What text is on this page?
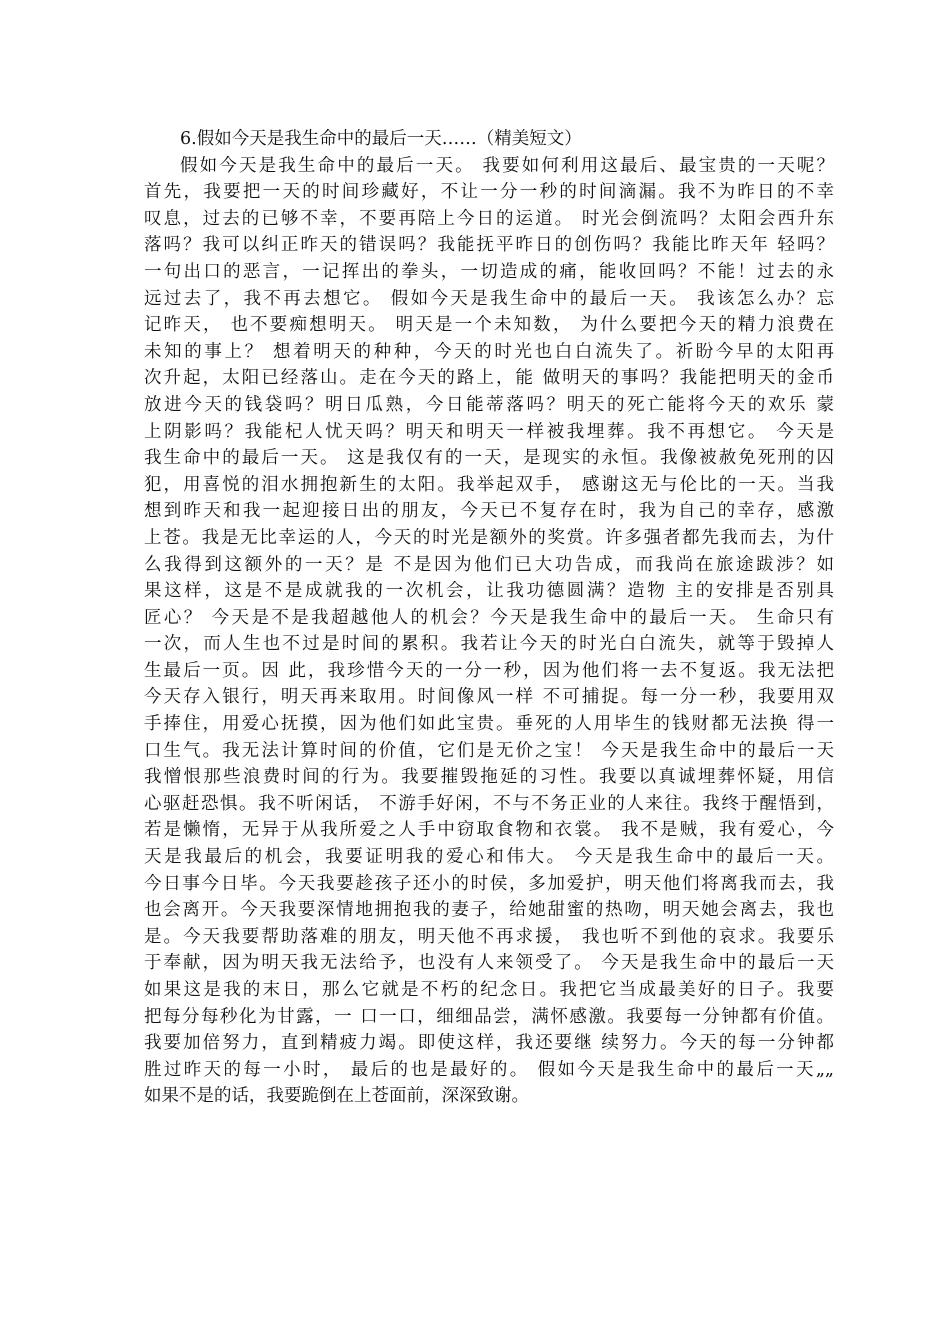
6.假如今天是我生命中的最后一天……（精美短文）
假如今天是我生命中的最后一天。 我要如何利用这最后、最宝贵的一天呢？
首先，我要把一天的时间珍藏好，不让一分一秒的时间滴漏。我不为昨日的不幸
叹息，过去的已够不幸，不要再陪上今日的运道。 时光会倒流吗？太阳会西升东
落吗？我可以纠正昨天的错误吗？我能抚平昨日的创伤吗？我能比昨天年 轻吗？
一句出口的恶言，一记挥出的拳头，一切造成的痛，能收回吗？不能！过去的永
远过去了，我不再去想它。 假如今天是我生命中的最后一天。 我该怎么办？忘
记昨天， 也不要痴想明天。 明天是一个未知数， 为什么要把今天的精力浪费在
未知的事上？ 想着明天的种种，今天的时光也白白流失了。祈盼今早的太阳再
次升起，太阳已经落山。走在今天的路上，能 做明天的事吗？我能把明天的金币
放进今天的钱袋吗？明日瓜熟，今日能蒂落吗？明天的死亡能将今天的欢乐 蒙
上阴影吗？我能杞人忧天吗？明天和明天一样被我埋葬。我不再想它。 今天是
我生命中的最后一天。 这是我仅有的一天，是现实的永恒。我像被赦免死刑的囚
犯，用喜悦的泪水拥抱新生的太阳。我举起双手， 感谢这无与伦比的一天。当我
想到昨天和我一起迎接日出的朋友，今天已不复存在时，我为自己的幸存，感激
上苍。我是无比幸运的人，今天的时光是额外的奖赏。许多强者都先我而去，为什
么我得到这额外的一天？是 不是因为他们已大功告成，而我尚在旅途跋涉？如
果这样，这是不是成就我的一次机会，让我功德圆满？造物 主的安排是否别具
匠心？ 今天是不是我超越他人的机会？今天是我生命中的最后一天。 生命只有
一次，而人生也不过是时间的累积。我若让今天的时光白白流失，就等于毁掉人
生最后一页。因 此，我珍惜今天的一分一秒，因为他们将一去不复返。我无法把
今天存入银行，明天再来取用。时间像风一样 不可捕捉。每一分一秒，我要用双
手捧住，用爱心抚摸，因为他们如此宝贵。垂死的人用毕生的钱财都无法换 得一
口生气。我无法计算时间的价值，它们是无价之宝！ 今天是我生命中的最后一天
我憎恨那些浪费时间的行为。我要摧毁拖延的习性。我要以真诚埋葬怀疑，用信
心驱赶恐惧。我不听闲话， 不游手好闲，不与不务正业的人来往。我终于醒悟到，
若是懒惰，无异于从我所爱之人手中窃取食物和衣裳。 我不是贼，我有爱心，今
天是我最后的机会，我要证明我的爱心和伟大。 今天是我生命中的最后一天。
今日事今日毕。今天我要趁孩子还小的时侯，多加爱护，明天他们将离我而去，我
也会离开。今天我要深情地拥抱我的妻子，给她甜蜜的热吻，明天她会离去，我也
是。今天我要帮助落难的朋友，明天他不再求援， 我也听不到他的哀求。我要乐
于奉献，因为明天我无法给予，也没有人来领受了。 今天是我生命中的最后一天
如果这是我的末日，那么它就是不朽的纪念日。我把它当成最美好的日子。我要
把每分每秒化为甘露，一 口一口，细细品尝，满怀感激。我要每一分钟都有价值。
我要加倍努力，直到精疲力竭。即使这样，我还要继 续努力。今天的每一分钟都
胜过昨天的每一小时， 最后的也是最好的。 假如今天是我生命中的最后一天„„
如果不是的话，我要跪倒在上苍面前，深深致谢。
